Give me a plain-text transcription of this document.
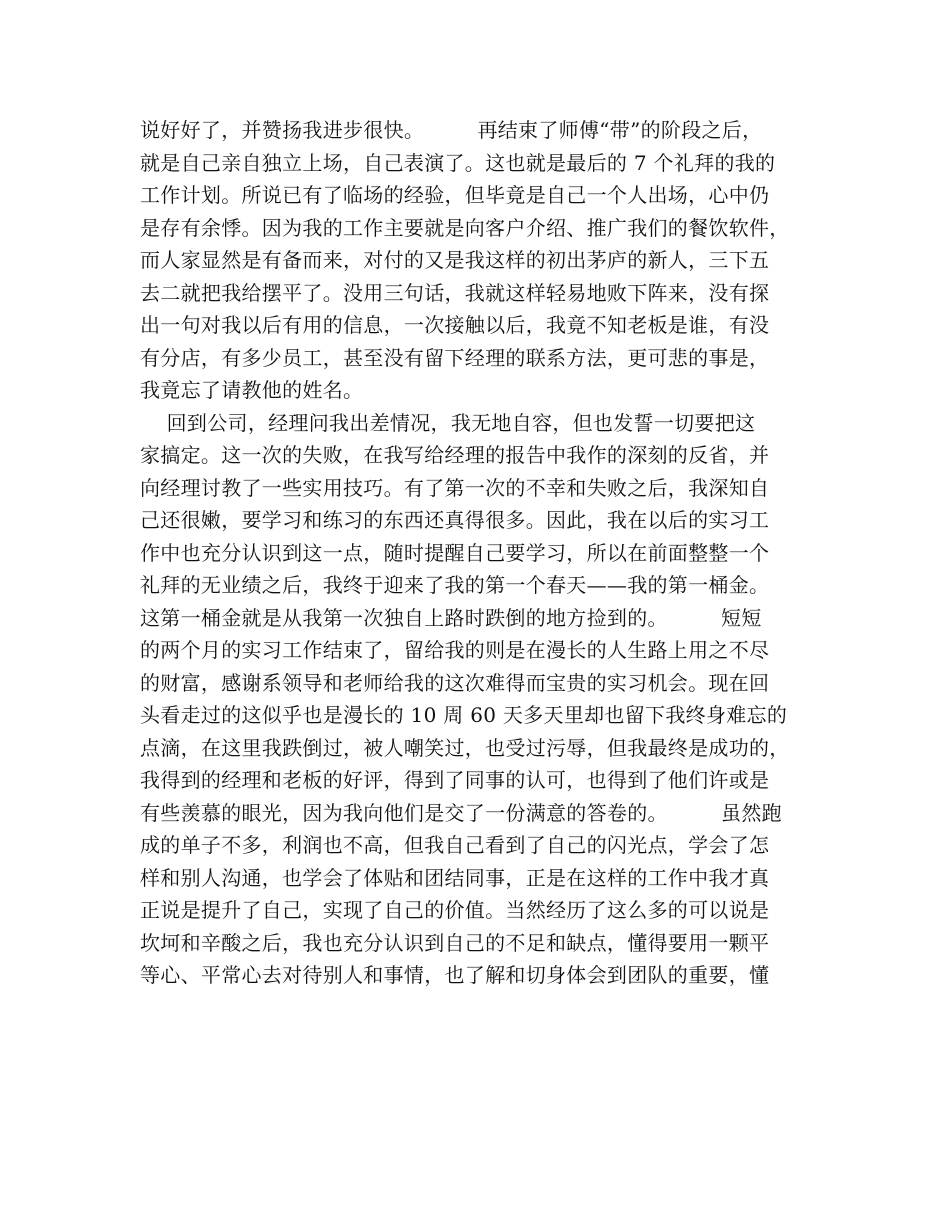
说好好了，并赞扬我进步很快。        再结束了师傅“带”的阶段之后，
就是自己亲自独立上场，自己表演了。这也就是最后的 7 个礼拜的我的
工作计划。所说已有了临场的经验，但毕竟是自己一个人出场，心中仍
是存有余悸。因为我的工作主要就是向客户介绍、推广我们的餐饮软件，
而人家显然是有备而来，对付的又是我这样的初出茅庐的新人，三下五
去二就把我给摆平了。没用三句话，我就这样轻易地败下阵来，没有探
出一句对我以后有用的信息，一次接触以后，我竟不知老板是谁，有没
有分店，有多少员工，甚至没有留下经理的联系方法，更可悲的事是，
我竟忘了请教他的姓名。
回到公司，经理问我出差情况，我无地自容，但也发誓一切要把这
家搞定。这一次的失败，在我写给经理的报告中我作的深刻的反省，并
向经理讨教了一些实用技巧。有了第一次的不幸和失败之后，我深知自
己还很嫩，要学习和练习的东西还真得很多。因此，我在以后的实习工
作中也充分认识到这一点，随时提醒自己要学习，所以在前面整整一个
礼拜的无业绩之后，我终于迎来了我的第一个春天——我的第一桶金。
这第一桶金就是从我第一次独自上路时跌倒的地方捡到的。        短短
的两个月的实习工作结束了，留给我的则是在漫长的人生路上用之不尽
的财富，感谢系领导和老师给我的这次难得而宝贵的实习机会。现在回
头看走过的这似乎也是漫长的 10 周 60 天多天里却也留下我终身难忘的
点滴，在这里我跌倒过，被人嘲笑过，也受过污辱，但我最终是成功的，
我得到的经理和老板的好评，得到了同事的认可，也得到了他们许或是
有些羡慕的眼光，因为我向他们是交了一份满意的答卷的。        虽然跑
成的单子不多，利润也不高，但我自己看到了自己的闪光点，学会了怎
样和别人沟通，也学会了体贴和团结同事，正是在这样的工作中我才真
正说是提升了自己，实现了自己的价值。当然经历了这么多的可以说是
坎坷和辛酸之后，我也充分认识到自己的不足和缺点，懂得要用一颗平
等心、平常心去对待别人和事情，也了解和切身体会到团队的重要，懂
